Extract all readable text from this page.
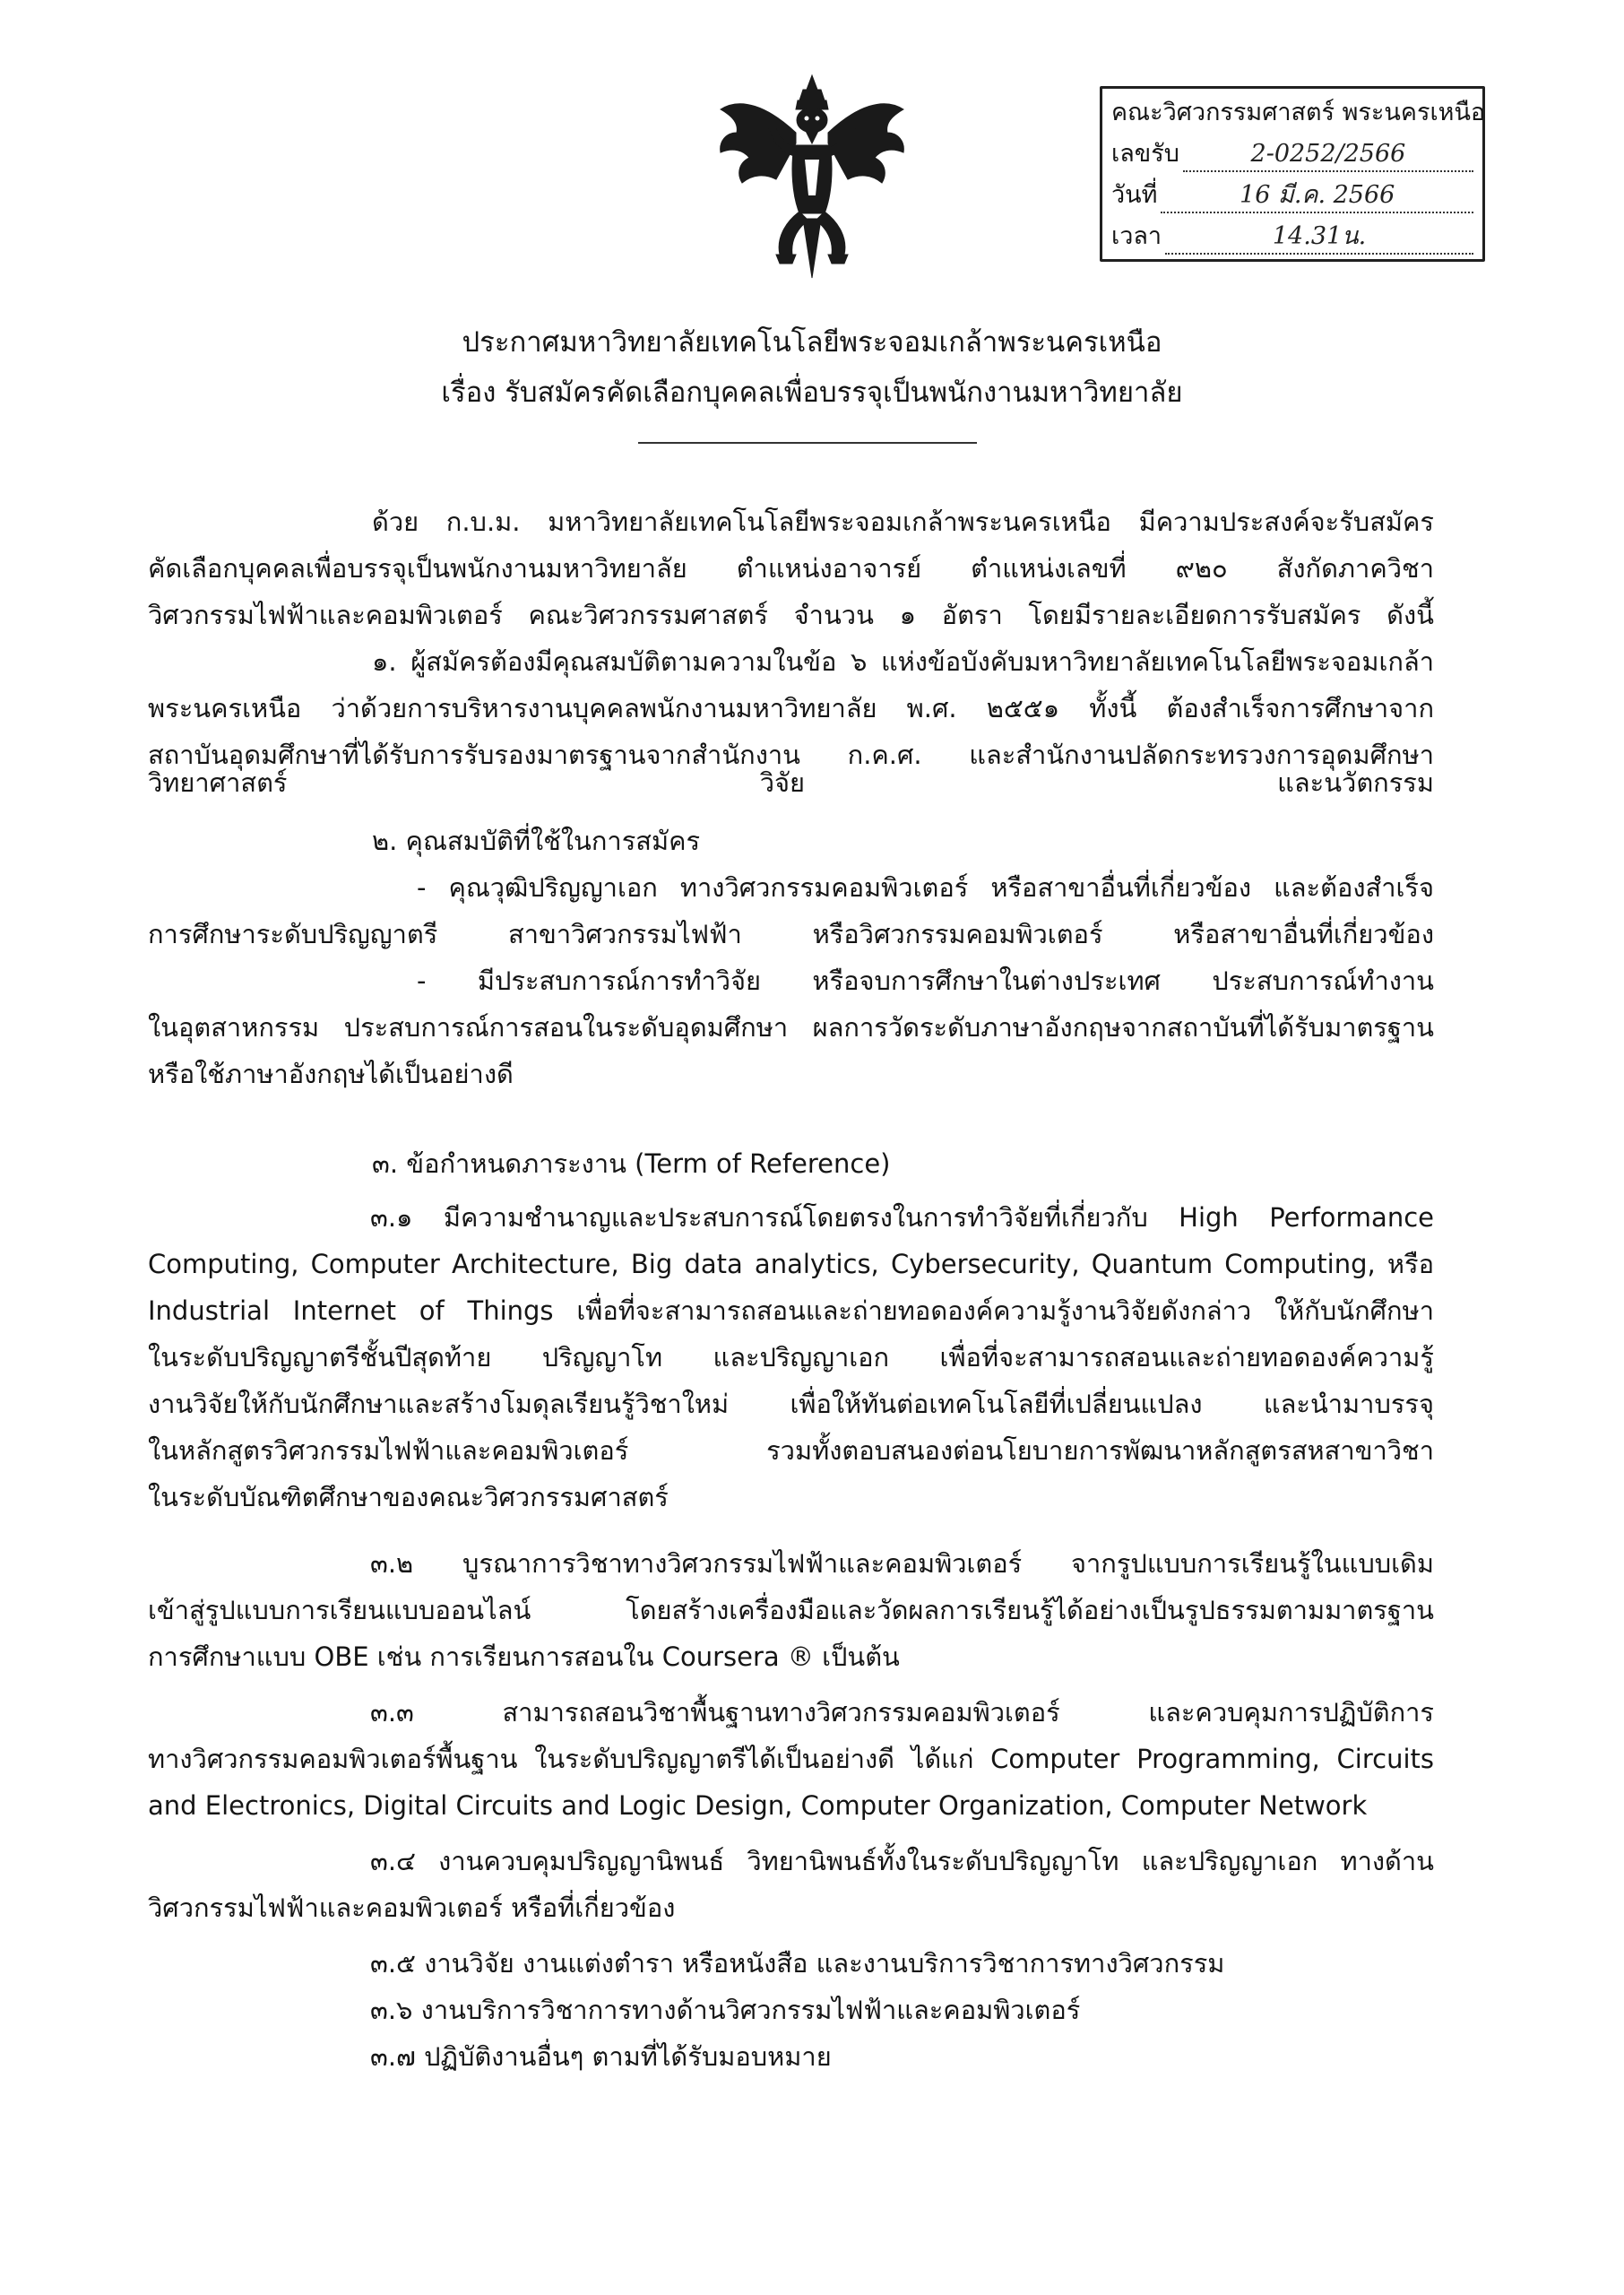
คณะวิศวกรรมศาสตร์ พระนครเหนือ
เลขรับ	2-0252/2566
วันที่	16 มี.ค. 2566
เวลา	14.31น.
ประกาศมหาวิทยาลัยเทคโนโลยีพระจอมเกล้าพระนครเหนือ
เรื่อง รับสมัครคัดเลือกบุคคลเพื่อบรรจุเป็นพนักงานมหาวิทยาลัย
ด้วย ก.บ.ม. มหาวิทยาลัยเทคโนโลยีพระจอมเกล้าพระนครเหนือ มีความประสงค์จะรับสมัคร
คัดเลือกบุคคลเพื่อบรรจุเป็นพนักงานมหาวิทยาลัย ตำแหน่งอาจารย์ ตำแหน่งเลขที่ ๙๒๐ สังกัดภาควิชา
วิศวกรรมไฟฟ้าและคอมพิวเตอร์ คณะวิศวกรรมศาสตร์ จำนวน ๑ อัตรา โดยมีรายละเอียดการรับสมัคร ดังนี้
๑. ผู้สมัครต้องมีคุณสมบัติตามความในข้อ ๖ แห่งข้อบังคับมหาวิทยาลัยเทคโนโลยีพระจอมเกล้า
พระนครเหนือ ว่าด้วยการบริหารงานบุคคลพนักงานมหาวิทยาลัย พ.ศ. ๒๕๕๑ ทั้งนี้ ต้องสำเร็จการศึกษาจาก
สถาบันอุดมศึกษาที่ได้รับการรับรองมาตรฐานจากสำนักงาน ก.ค.ศ. และสำนักงานปลัดกระทรวงการอุดมศึกษา
วิทยาศาสตร์ วิจัย และนวัตกรรม
๒. คุณสมบัติที่ใช้ในการสมัคร
- คุณวุฒิปริญญาเอก ทางวิศวกรรมคอมพิวเตอร์ หรือสาขาอื่นที่เกี่ยวข้อง และต้องสำเร็จ
การศึกษาระดับปริญญาตรี สาขาวิศวกรรมไฟฟ้า หรือวิศวกรรมคอมพิวเตอร์ หรือสาขาอื่นที่เกี่ยวข้อง
- มีประสบการณ์การทำวิจัย หรือจบการศึกษาในต่างประเทศ ประสบการณ์ทำงาน
ในอุตสาหกรรม ประสบการณ์การสอนในระดับอุดมศึกษา ผลการวัดระดับภาษาอังกฤษจากสถาบันที่ได้รับมาตรฐาน
หรือใช้ภาษาอังกฤษได้เป็นอย่างดี
๓. ข้อกำหนดภาระงาน (Term of Reference)
๓.๑ มีความชำนาญและประสบการณ์โดยตรงในการทำวิจัยที่เกี่ยวกับ High Performance
Computing, Computer Architecture, Big data analytics, Cybersecurity, Quantum Computing, หรือ
Industrial Internet of Things เพื่อที่จะสามารถสอนและถ่ายทอดองค์ความรู้งานวิจัยดังกล่าว ให้กับนักศึกษา
ในระดับปริญญาตรีชั้นปีสุดท้าย ปริญญาโท และปริญญาเอก เพื่อที่จะสามารถสอนและถ่ายทอดองค์ความรู้
งานวิจัยให้กับนักศึกษาและสร้างโมดุลเรียนรู้วิชาใหม่ เพื่อให้ทันต่อเทคโนโลยีที่เปลี่ยนแปลง และนำมาบรรจุ
ในหลักสูตรวิศวกรรมไฟฟ้าและคอมพิวเตอร์ รวมทั้งตอบสนองต่อนโยบายการพัฒนาหลักสูตรสหสาขาวิชา
ในระดับบัณฑิตศึกษาของคณะวิศวกรรมศาสตร์
๓.๒ บูรณาการวิชาทางวิศวกรรมไฟฟ้าและคอมพิวเตอร์ จากรูปแบบการเรียนรู้ในแบบเดิม
เข้าสู่รูปแบบการเรียนแบบออนไลน์ โดยสร้างเครื่องมือและวัดผลการเรียนรู้ได้อย่างเป็นรูปธรรมตามมาตรฐาน
การศึกษาแบบ OBE เช่น การเรียนการสอนใน Coursera ® เป็นต้น
๓.๓ สามารถสอนวิชาพื้นฐานทางวิศวกรรมคอมพิวเตอร์ และควบคุมการปฏิบัติการ
ทางวิศวกรรมคอมพิวเตอร์พื้นฐาน ในระดับปริญญาตรีได้เป็นอย่างดี ได้แก่ Computer Programming, Circuits
and Electronics, Digital Circuits and Logic Design, Computer Organization, Computer Network
๓.๔ งานควบคุมปริญญานิพนธ์ วิทยานิพนธ์ทั้งในระดับปริญญาโท และปริญญาเอก ทางด้าน
วิศวกรรมไฟฟ้าและคอมพิวเตอร์ หรือที่เกี่ยวข้อง
๓.๕ งานวิจัย งานแต่งตำรา หรือหนังสือ และงานบริการวิชาการทางวิศวกรรม
๓.๖ งานบริการวิชาการทางด้านวิศวกรรมไฟฟ้าและคอมพิวเตอร์
๓.๗ ปฏิบัติงานอื่นๆ ตามที่ได้รับมอบหมาย
